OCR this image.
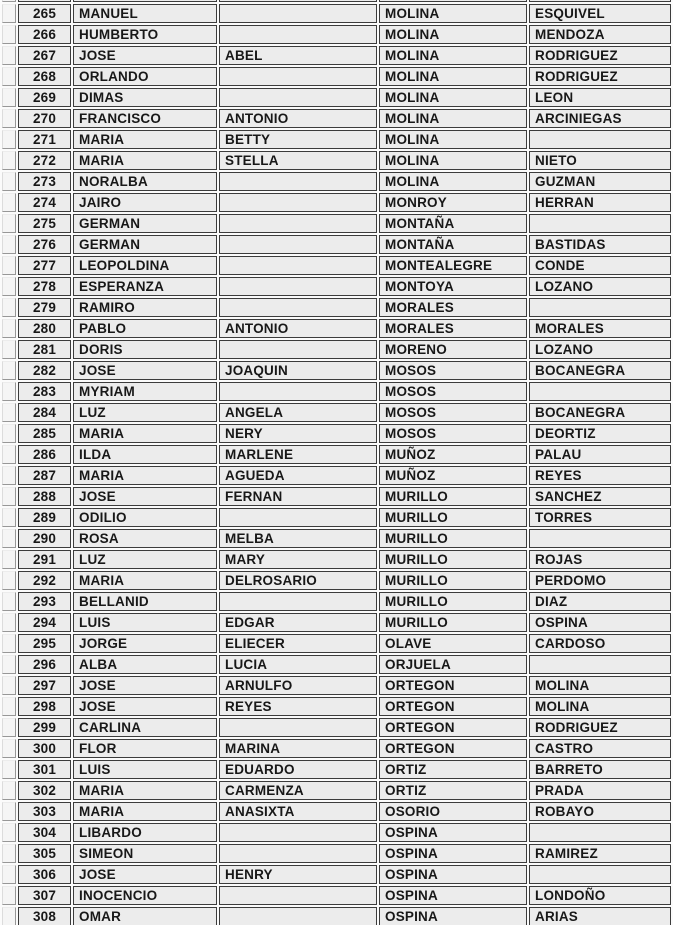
	265	MANUEL		MOLINA	ESQUIVEL
	266	HUMBERTO		MOLINA	MENDOZA
	267	JOSE	ABEL	MOLINA	RODRIGUEZ
	268	ORLANDO		MOLINA	RODRIGUEZ
	269	DIMAS		MOLINA	LEON
	270	FRANCISCO	ANTONIO	MOLINA	ARCINIEGAS
	271	MARIA	BETTY	MOLINA	
	272	MARIA	STELLA	MOLINA	NIETO
	273	NORALBA		MOLINA	GUZMAN
	274	JAIRO		MONROY	HERRAN
	275	GERMAN		MONTAÑA	
	276	GERMAN		MONTAÑA	BASTIDAS
	277	LEOPOLDINA		MONTEALEGRE	CONDE
	278	ESPERANZA		MONTOYA	LOZANO
	279	RAMIRO		MORALES	
	280	PABLO	ANTONIO	MORALES	MORALES
	281	DORIS		MORENO	LOZANO
	282	JOSE	JOAQUIN	MOSOS	BOCANEGRA
	283	MYRIAM		MOSOS	
	284	LUZ	ANGELA	MOSOS	BOCANEGRA
	285	MARIA	NERY	MOSOS	DEORTIZ
	286	ILDA	MARLENE	MUÑOZ	PALAU
	287	MARIA	AGUEDA	MUÑOZ	REYES
	288	JOSE	FERNAN	MURILLO	SANCHEZ
	289	ODILIO		MURILLO	TORRES
	290	ROSA	MELBA	MURILLO	
	291	LUZ	MARY	MURILLO	ROJAS
	292	MARIA	DELROSARIO	MURILLO	PERDOMO
	293	BELLANID		MURILLO	DIAZ
	294	LUIS	EDGAR	MURILLO	OSPINA
	295	JORGE	ELIECER	OLAVE	CARDOSO
	296	ALBA	LUCIA	ORJUELA	
	297	JOSE	ARNULFO	ORTEGON	MOLINA
	298	JOSE	REYES	ORTEGON	MOLINA
	299	CARLINA		ORTEGON	RODRIGUEZ
	300	FLOR	MARINA	ORTEGON	CASTRO
	301	LUIS	EDUARDO	ORTIZ	BARRETO
	302	MARIA	CARMENZA	ORTIZ	PRADA
	303	MARIA	ANASIXTA	OSORIO	ROBAYO
	304	LIBARDO		OSPINA	
	305	SIMEON		OSPINA	RAMIREZ
	306	JOSE	HENRY	OSPINA	
	307	INOCENCIO		OSPINA	LONDOÑO
	308	OMAR		OSPINA	ARIAS
